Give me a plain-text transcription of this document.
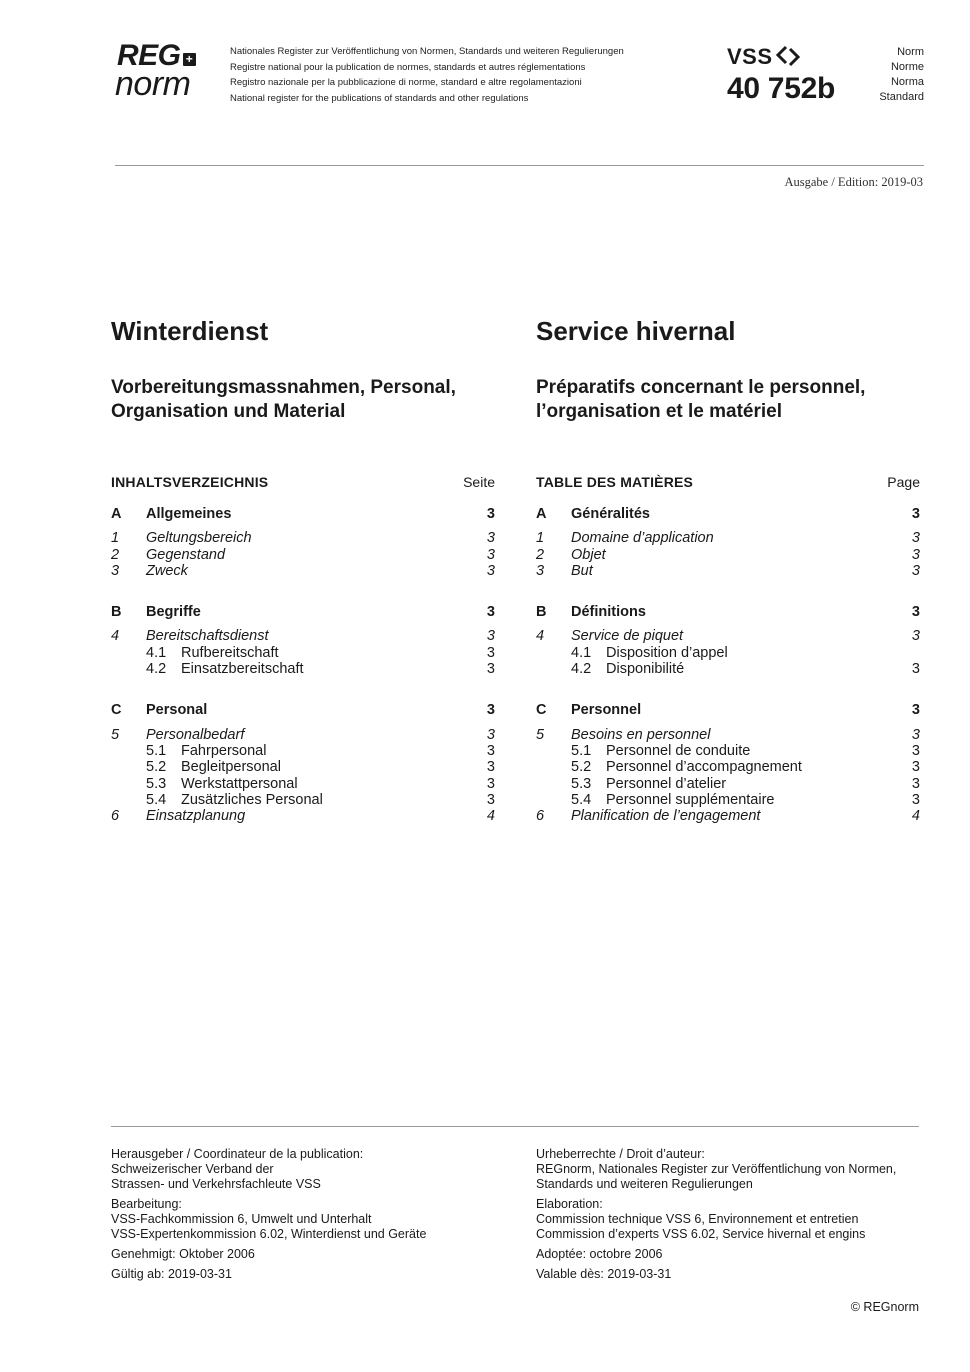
REG +
norm
Nationales Register zur Veröffentlichung von Normen, Standards und weiteren Regulierungen
Registre national pour la publication de normes, standards et autres réglementations
Registro nazionale per la pubblicazione di norme, standard e altre regolamentazioni
National register for the publications of standards and other regulations
VSS
40 752b
Norm
Norme
Norma
Standard
Ausgabe / Edition: 2019-03
Winterdienst
Vorbereitungsmassnahmen, Personal, Organisation und Material
INHALTSVERZEICHNIS	Seite
A	Allgemeines	3
1	Geltungsbereich	3
2	Gegenstand	3
3	Zweck	3
B	Begriffe	3
4	Bereitschaftsdienst	3
4.1	Rufbereitschaft	3
4.2	Einsatzbereitschaft	3
C	Personal	3
5	Personalbedarf	3
5.1	Fahrpersonal	3
5.2	Begleitpersonal	3
5.3	Werkstattpersonal	3
5.4	Zusätzliches Personal	3
6	Einsatzplanung	4
Service hivernal
Préparatifs concernant le personnel, l’organisation et le matériel
TABLE DES MATIÈRES	Page
A	Généralités	3
1	Domaine d’application	3
2	Objet	3
3	But	3
B	Définitions	3
4	Service de piquet	3
4.1	Disposition d’appel
4.2	Disponibilité	3
C	Personnel	3
5	Besoins en personnel	3
5.1	Personnel de conduite	3
5.2	Personnel d’accompagnement	3
5.3	Personnel d’atelier	3
5.4	Personnel supplémentaire	3
6	Planification de l’engagement	4

Herausgeber / Coordinateur de la publication:
Schweizerischer Verband der
Strassen- und Verkehrsfachleute VSS

Bearbeitung:
VSS-Fachkommission 6, Umwelt und Unterhalt
VSS-Expertenkommission 6.02, Winterdienst und Geräte

Genehmigt: Oktober 2006

Gültig ab: 2019-03-31

Urheberrechte / Droit d’auteur:
REGnorm, Nationales Register zur Veröffentlichung von Normen,
Standards und weiteren Regulierungen

Elaboration:
Commission technique VSS 6, Environnement et entretien
Commission d’experts VSS 6.02, Service hivernal et engins

Adoptée: octobre 2006

Valable dès: 2019-03-31

© REGnorm
